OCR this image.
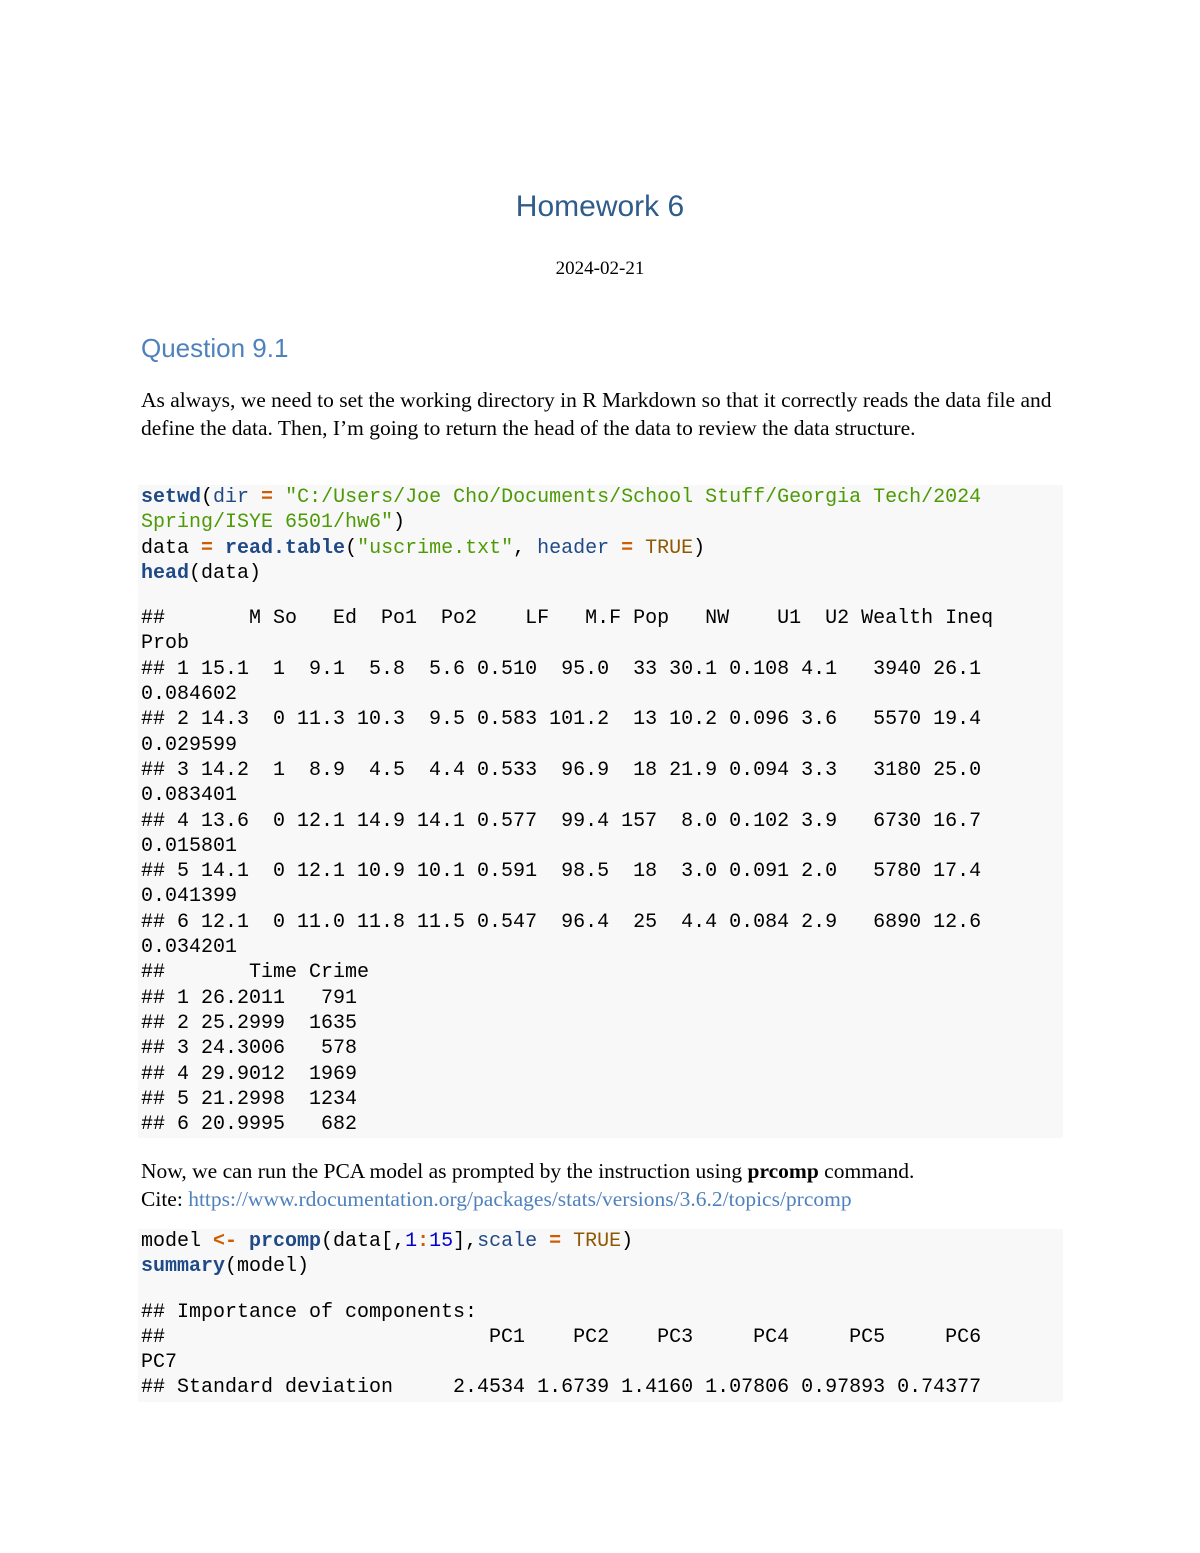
Homework 6

2024-02-21

Question 9.1

As always, we need to set the working directory in R Markdown so that it correctly reads the data file and define the data. Then, I’m going to return the head of the data to review the data structure.

setwd(dir = "C:/Users/Joe Cho/Documents/School Stuff/Georgia Tech/2024
Spring/ISYE 6501/hw6")
data = read.table("uscrime.txt", header = TRUE)
head(data)
##       M So   Ed  Po1  Po2    LF   M.F Pop   NW    U1  U2 Wealth Ineq
Prob
## 1 15.1  1  9.1  5.8  5.6 0.510  95.0  33 30.1 0.108 4.1   3940 26.1
0.084602
## 2 14.3  0 11.3 10.3  9.5 0.583 101.2  13 10.2 0.096 3.6   5570 19.4
0.029599
## 3 14.2  1  8.9  4.5  4.4 0.533  96.9  18 21.9 0.094 3.3   3180 25.0
0.083401
## 4 13.6  0 12.1 14.9 14.1 0.577  99.4 157  8.0 0.102 3.9   6730 16.7
0.015801
## 5 14.1  0 12.1 10.9 10.1 0.591  98.5  18  3.0 0.091 2.0   5780 17.4
0.041399
## 6 12.1  0 11.0 11.8 11.5 0.547  96.4  25  4.4 0.084 2.9   6890 12.6
0.034201
##       Time Crime
## 1 26.2011   791
## 2 25.2999  1635
## 3 24.3006   578
## 4 29.9012  1969
## 5 21.2998  1234
## 6 20.9995   682

Now, we can run the PCA model as prompted by the instruction using prcomp command.
Cite: https://www.rdocumentation.org/packages/stats/versions/3.6.2/topics/prcomp

model <- prcomp(data[,1:15],scale = TRUE)
summary(model)
## Importance of components:
##                           PC1    PC2    PC3     PC4     PC5     PC6
PC7
## Standard deviation     2.4534 1.6739 1.4160 1.07806 0.97893 0.74377
